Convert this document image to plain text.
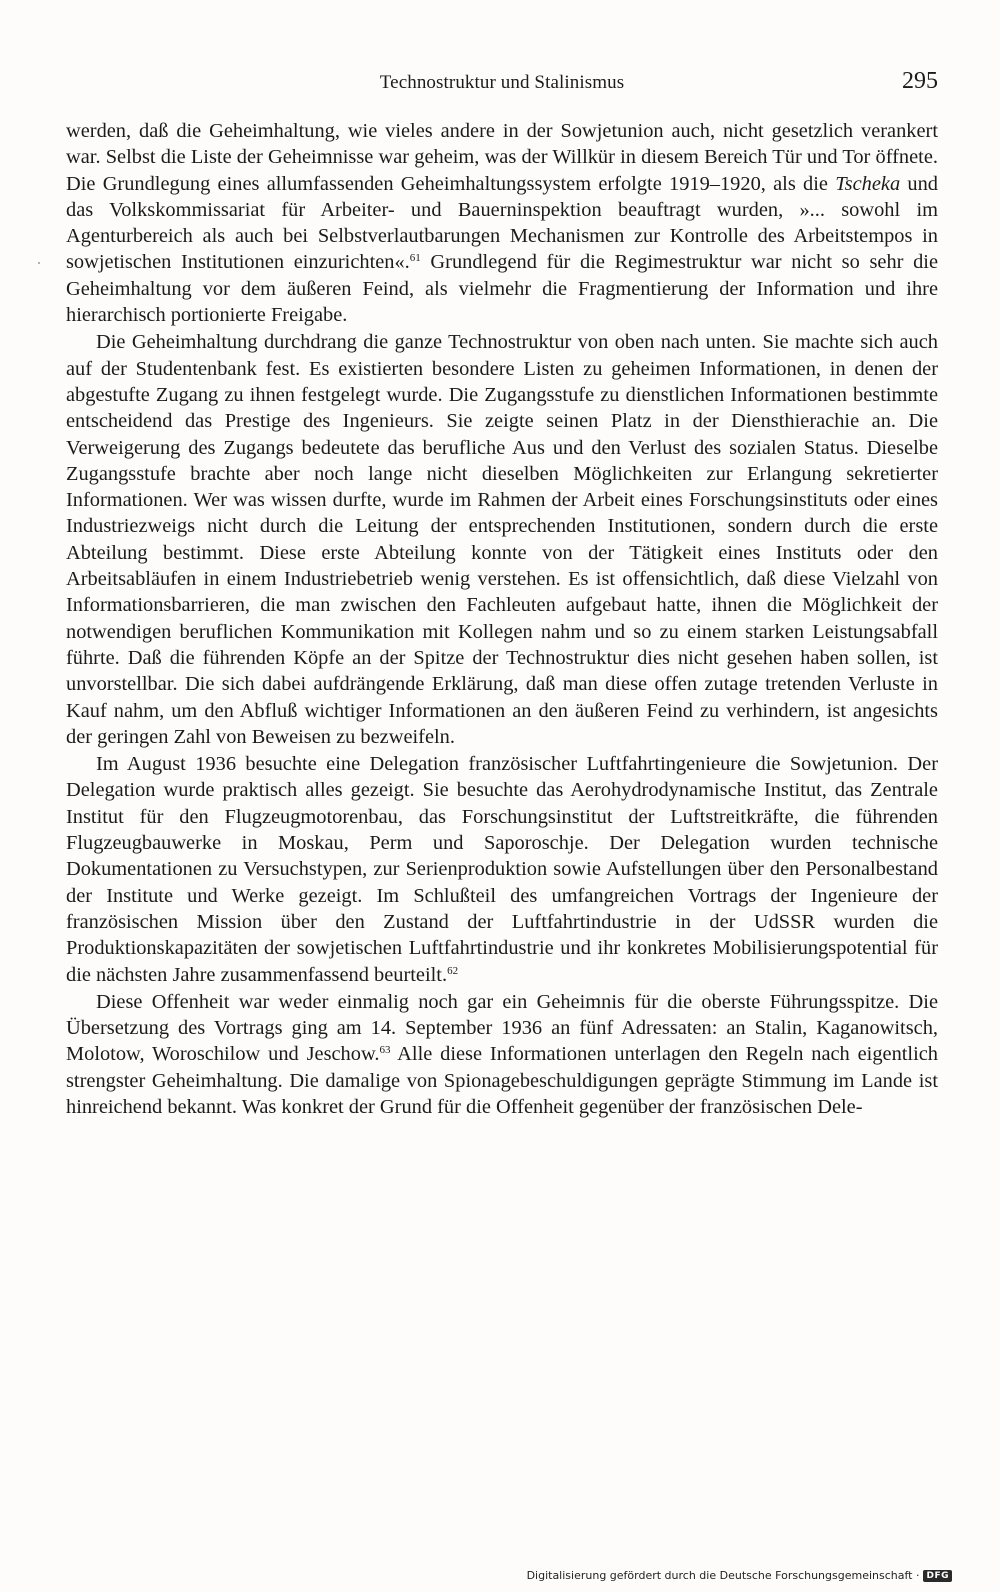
Technostruktur und Stalinismus	295

werden, daß die Geheimhaltung, wie vieles andere in der Sowjetunion auch, nicht gesetzlich verankert war. Selbst die Liste der Geheimnisse war geheim, was der Willkür in diesem Bereich Tür und Tor öffnete. Die Grundlegung eines allumfassenden Geheimhaltungssystem erfolgte 1919–1920, als die Tscheka und das Volkskommissariat für Arbeiter- und Bauerninspektion beauftragt wurden, »... sowohl im Agenturbereich als auch bei Selbstverlautbarungen Mechanismen zur Kontrolle des Arbeitstempos in sowjetischen Institutionen einzurichten«.$^{61}$ Grundlegend für die Regimestruktur war nicht so sehr die Geheimhaltung vor dem äußeren Feind, als vielmehr die Fragmentierung der Information und ihre hierarchisch portionierte Freigabe.

Die Geheimhaltung durchdrang die ganze Technostruktur von oben nach unten. Sie machte sich auch auf der Studentenbank fest. Es existierten besondere Listen zu geheimen Informationen, in denen der abgestufte Zugang zu ihnen festgelegt wurde. Die Zugangsstufe zu dienstlichen Informationen bestimmte entscheidend das Prestige des Ingenieurs. Sie zeigte seinen Platz in der Diensthierachie an. Die Verweigerung des Zugangs bedeutete das berufliche Aus und den Verlust des sozialen Status. Dieselbe Zugangsstufe brachte aber noch lange nicht dieselben Möglichkeiten zur Erlangung sekretierter Informationen. Wer was wissen durfte, wurde im Rahmen der Arbeit eines Forschungsinstituts oder eines Industriezweigs nicht durch die Leitung der entsprechenden Institutionen, sondern durch die erste Abteilung bestimmt. Diese erste Abteilung konnte von der Tätigkeit eines Instituts oder den Arbeitsabläufen in einem Industriebetrieb wenig verstehen. Es ist offensichtlich, daß diese Vielzahl von Informationsbarrieren, die man zwischen den Fachleuten aufgebaut hatte, ihnen die Möglichkeit der notwendigen beruflichen Kommunikation mit Kollegen nahm und so zu einem starken Leistungsabfall führte. Daß die führenden Köpfe an der Spitze der Technostruktur dies nicht gesehen haben sollen, ist unvorstellbar. Die sich dabei aufdrängende Erklärung, daß man diese offen zutage tretenden Verluste in Kauf nahm, um den Abfluß wichtiger Informationen an den äußeren Feind zu verhindern, ist angesichts der geringen Zahl von Beweisen zu bezweifeln.

Im August 1936 besuchte eine Delegation französischer Luftfahrtingenieure die Sowjetunion. Der Delegation wurde praktisch alles gezeigt. Sie besuchte das Aerohydrodynamische Institut, das Zentrale Institut für den Flugzeugmotorenbau, das Forschungsinstitut der Luftstreitkräfte, die führenden Flugzeugbauwerke in Moskau, Perm und Saporoschje. Der Delegation wurden technische Dokumentationen zu Versuchstypen, zur Serienproduktion sowie Aufstellungen über den Personalbestand der Institute und Werke gezeigt. Im Schlußteil des umfangreichen Vortrags der Ingenieure der französischen Mission über den Zustand der Luftfahrtindustrie in der UdSSR wurden die Produktionskapazitäten der sowjetischen Luftfahrtindustrie und ihr konkretes Mobilisierungspotential für die nächsten Jahre zusammenfassend beurteilt.$^{62}$

Diese Offenheit war weder einmalig noch gar ein Geheimnis für die oberste Führungsspitze. Die Übersetzung des Vortrags ging am 14. September 1936 an fünf Adressaten: an Stalin, Kaganowitsch, Molotow, Woroschilow und Jeschow.$^{63}$ Alle diese Informationen unterlagen den Regeln nach eigentlich strengster Geheimhaltung. Die damalige von Spionagebeschuldigungen geprägte Stimmung im Lande ist hinreichend bekannt. Was konkret der Grund für die Offenheit gegenüber der französischen Dele-

Digitalisierung gefördert durch die Deutsche Forschungsgemeinschaft · DFG
